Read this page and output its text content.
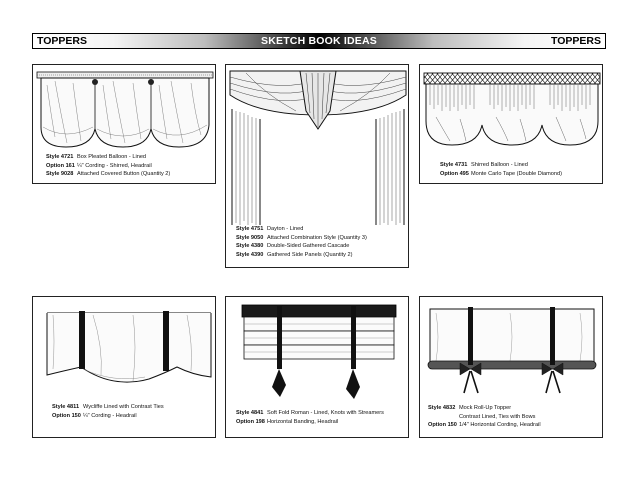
TOPPERS	SKETCH BOOK IDEAS	TOPPERS
Style 4721 Box Pleated Balloon - Lined
Option 161 ¼" Cording - Shirred, Headrail
Style 9028 Attached Covered Button (Quantity 2)
Style 4751 Dayton - Lined
Style 9050 Attached Combination Style (Quantity 3)
Style 4380 Double-Sided Gathered Cascade
Style 4390 Gathered Side Panels (Quantity 2)
Style 4731 Shirred Balloon - Lined
Option 495 Monte Carlo Tape (Double Diamond)
Style 4811 Wycliffe Lined with Contrast Ties
Option 150 ¼" Cording - Headrail	Style 4841 Soft Fold Roman - Lined, Knots with Streamers
Option 198 Horizontal Banding, Headrail
Style 4832 Mock Roll-Up Topper
Contrast Lined, Ties with Bows
Option 150 1/4" Horizontal Cording, Headrail
